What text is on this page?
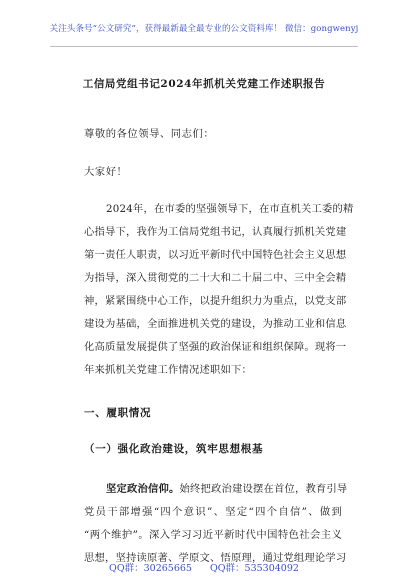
关注头条号“公文研究”，获得最新最全最专业的公文资料库！ 微信：gongwenyj
工信局党组书记2024年抓机关党建工作述职报告
尊敬的各位领导、同志们：
大家好！
2024年，在市委的坚强领导下，在市直机关工委的精
心指导下，我作为工信局党组书记，认真履行抓机关党建
第一责任人职责，以习近平新时代中国特色社会主义思想
为指导，深入贯彻党的二十大和二十届二中、三中全会精
神，紧紧围绕中心工作，以提升组织力为重点，以党支部
建设为基础，全面推进机关党的建设，为推动工业和信息
化高质量发展提供了坚强的政治保证和组织保障。现将一
年来抓机关党建工作情况述职如下：
一、履职情况
（一）强化政治建设，筑牢思想根基
坚定政治信仰。始终把政治建设摆在首位，教育引导
党员干部增强“四个意识”、坚定“四个自信”、做到
“两个维护”。深入学习习近平新时代中国特色社会主义
思想，坚持读原著、学原文、悟原理，通过党组理论学习
QQ群：30265665 QQ群：535304092
